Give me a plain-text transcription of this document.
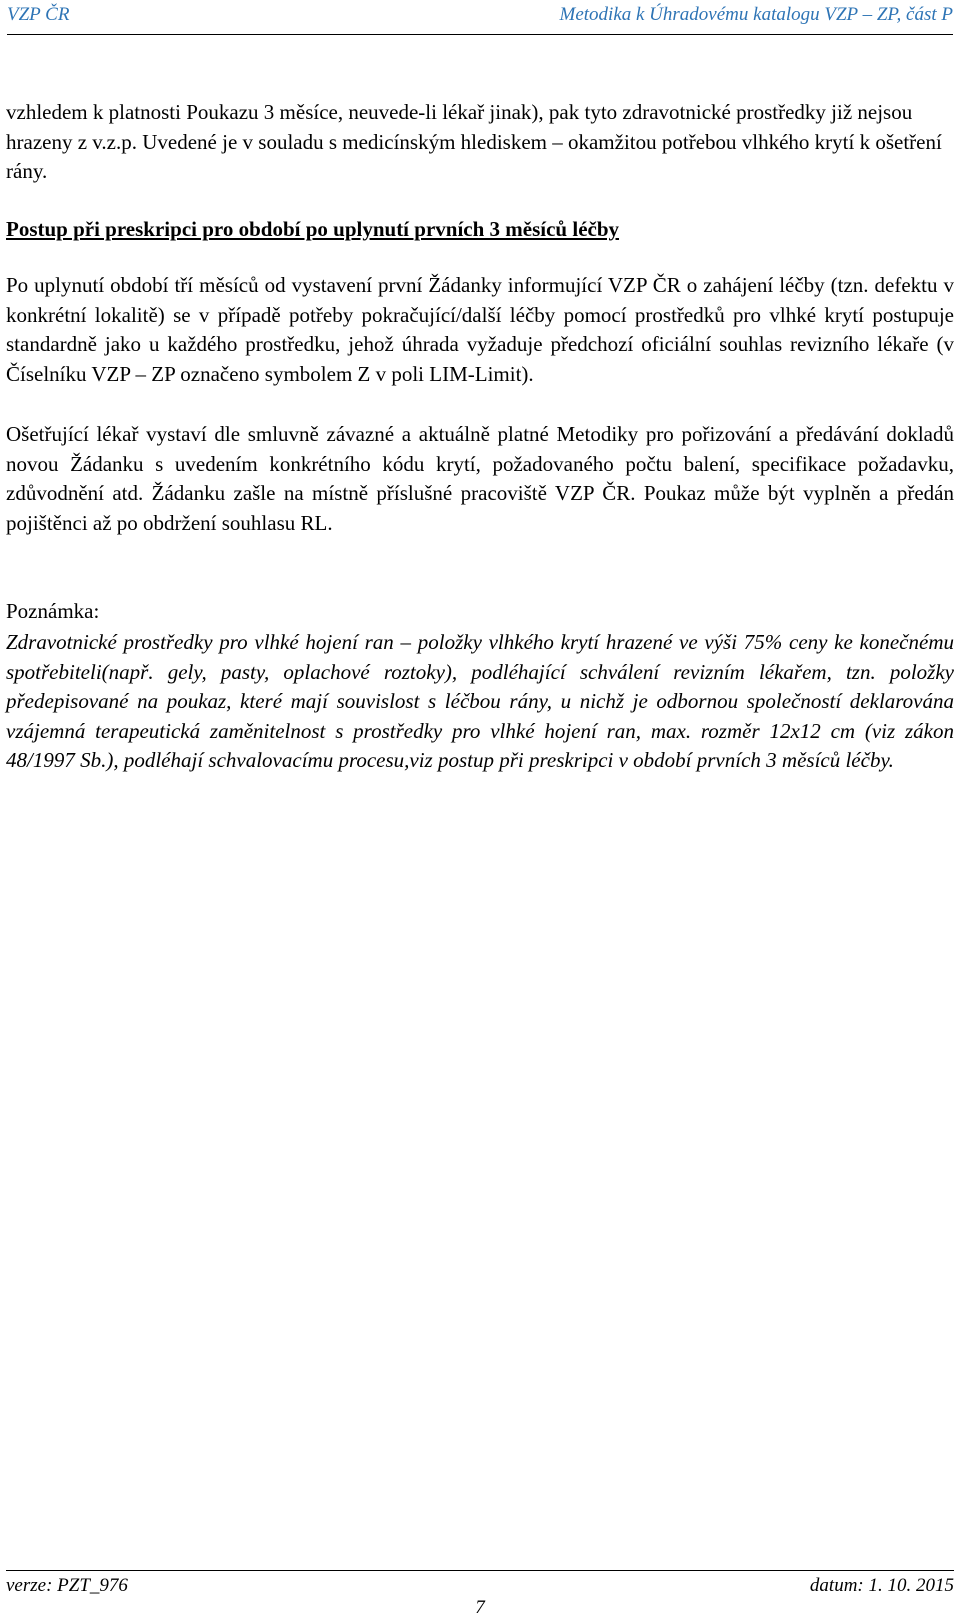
VZP ČR	Metodika k Úhradovému katalogu VZP – ZP, část P

vzhledem k platnosti Poukazu 3 měsíce, neuvede-li lékař jinak), pak tyto zdravotnické prostředky již nejsou hrazeny z v.z.p. Uvedené je v souladu s medicínským hlediskem – okamžitou potřebou vlhkého krytí k ošetření rány.

Postup při preskripci pro období po uplynutí prvních 3 měsíců léčby

Po uplynutí období tří měsíců od vystavení první Žádanky informující VZP ČR o zahájení léčby (tzn. defektu v konkrétní lokalitě) se v případě potřeby pokračující/další léčby pomocí prostředků pro vlhké krytí postupuje standardně jako u každého prostředku, jehož úhrada vyžaduje předchozí oficiální souhlas revizního lékaře (v Číselníku VZP – ZP označeno symbolem Z v poli LIM-Limit).

Ošetřující lékař vystaví dle smluvně závazné a aktuálně platné Metodiky pro pořizování a předávání dokladů novou Žádanku s uvedením konkrétního kódu krytí, požadovaného počtu balení, specifikace požadavku, zdůvodnění atd. Žádanku zašle na místně příslušné pracoviště VZP ČR. Poukaz může být vyplněn a předán pojištěnci až po obdržení souhlasu RL.

Poznámka:

Zdravotnické prostředky pro vlhké hojení ran – položky vlhkého krytí hrazené ve výši 75% ceny ke konečnému spotřebiteli(např. gely, pasty, oplachové roztoky), podléhající schválení revizním lékařem, tzn. položky předepisované na poukaz, které mají souvislost s léčbou rány, u nichž je odbornou společností deklarována vzájemná terapeutická zaměnitelnost s prostředky pro vlhké hojení ran, max. rozměr 12x12 cm (viz zákon 48/1997 Sb.), podléhají schvalovacímu procesu,viz postup při preskripci v období prvních 3 měsíců léčby.

verze: PZT_976	datum: 1. 10. 2015
7
